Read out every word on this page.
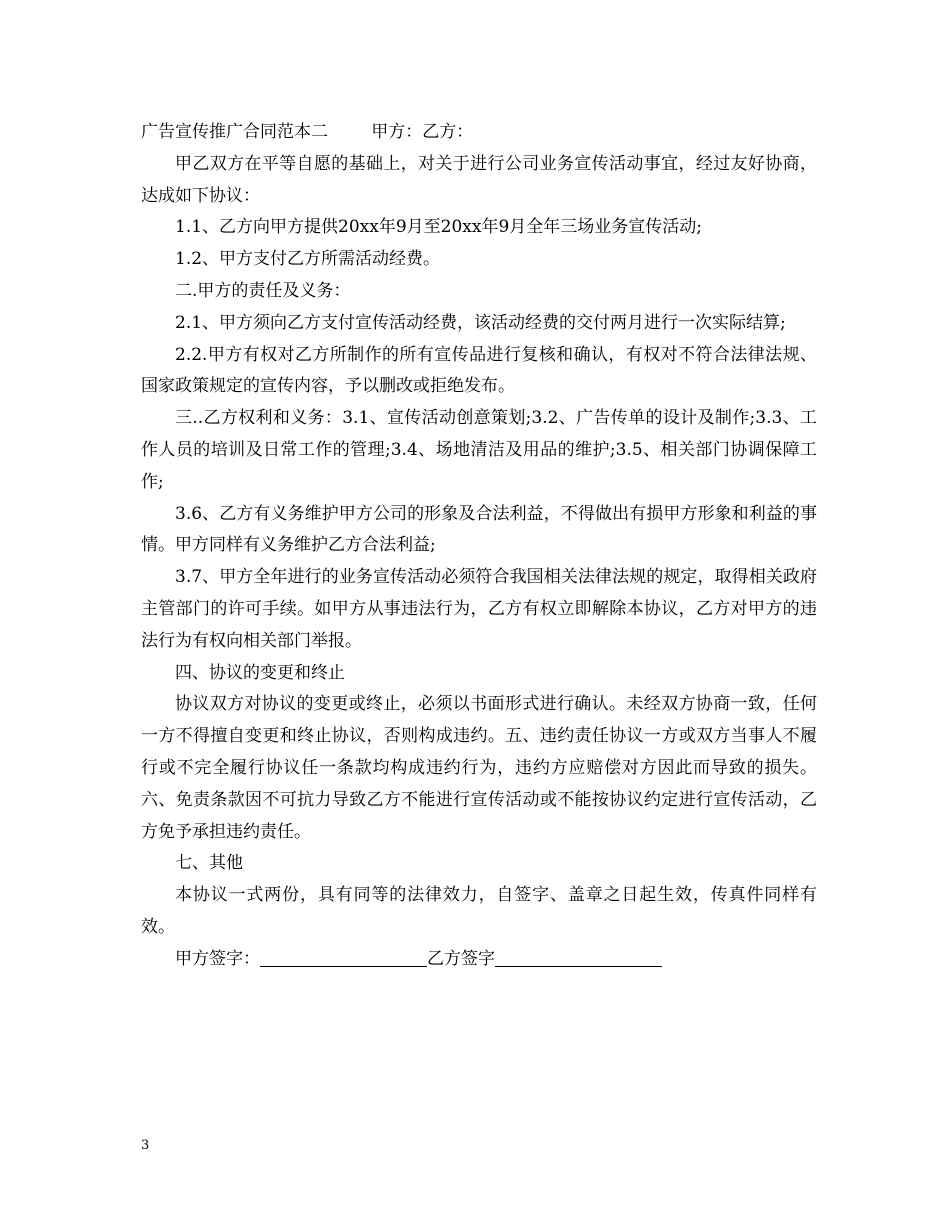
广告宣传推广合同范本二        甲方：乙方：

甲乙双方在平等自愿的基础上，对关于进行公司业务宣传活动事宜，经过友好协商，达成如下协议：

1.1、乙方向甲方提供20xx年9月至20xx年9月全年三场业务宣传活动;

1.2、甲方支付乙方所需活动经费。

二.甲方的责任及义务：

2.1、甲方须向乙方支付宣传活动经费，该活动经费的交付两月进行一次实际结算;

2.2.甲方有权对乙方所制作的所有宣传品进行复核和确认，有权对不符合法律法规、国家政策规定的宣传内容，予以删改或拒绝发布。

三..乙方权利和义务：3.1、宣传活动创意策划;3.2、广告传单的设计及制作;3.3、工作人员的培训及日常工作的管理;3.4、场地清洁及用品的维护;3.5、相关部门协调保障工作;

3.6、乙方有义务维护甲方公司的形象及合法利益，不得做出有损甲方形象和利益的事情。甲方同样有义务维护乙方合法利益;

3.7、甲方全年进行的业务宣传活动必须符合我国相关法律法规的规定，取得相关政府主管部门的许可手续。如甲方从事违法行为，乙方有权立即解除本协议，乙方对甲方的违法行为有权向相关部门举报。

四、协议的变更和终止

协议双方对协议的变更或终止，必须以书面形式进行确认。未经双方协商一致，任何一方不得擅自变更和终止协议，否则构成违约。五、违约责任协议一方或双方当事人不履行或不完全履行协议任一条款均构成违约行为，违约方应赔偿对方因此而导致的损失。六、免责条款因不可抗力导致乙方不能进行宣传活动或不能按协议约定进行宣传活动，乙方免予承担违约责任。

七、其他

本协议一式两份，具有同等的法律效力，自签字、盖章之日起生效，传真件同样有效。

甲方签字：	乙方签字

3
